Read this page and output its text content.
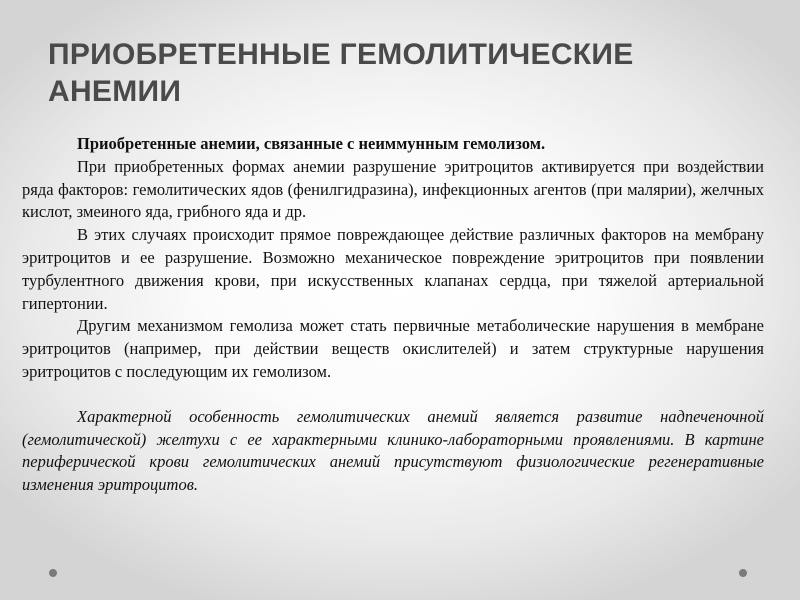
ПРИОБРЕТЕННЫЕ ГЕМОЛИТИЧЕСКИЕ АНЕМИИ

Приобретенные анемии, связанные с неиммунным гемолизом.

При приобретенных формах анемии разрушение эритроцитов активируется при воздействии ряда факторов: гемолитических ядов (фенилгидразина), инфекционных агентов (при малярии), желчных кислот, змеиного яда, грибного яда и др.

В этих случаях происходит прямое повреждающее действие различных факторов на мембрану эритроцитов и ее разрушение. Возможно механическое повреждение эритроцитов при появлении турбулентного движения крови, при искусственных клапанах сердца, при тяжелой артериальной гипертонии.

Другим механизмом гемолиза может стать первичные метаболические нарушения в мембране эритроцитов (например, при действии веществ окислителей) и затем структурные нарушения эритроцитов с последующим их гемолизом.

Характерной особенность гемолитических анемий является развитие надпеченочной (гемолитической) желтухи с ее характерными клинико-лабораторными проявлениями. В картине периферической крови гемолитических анемий присутствуют физиологические регенеративные изменения эритроцитов.
